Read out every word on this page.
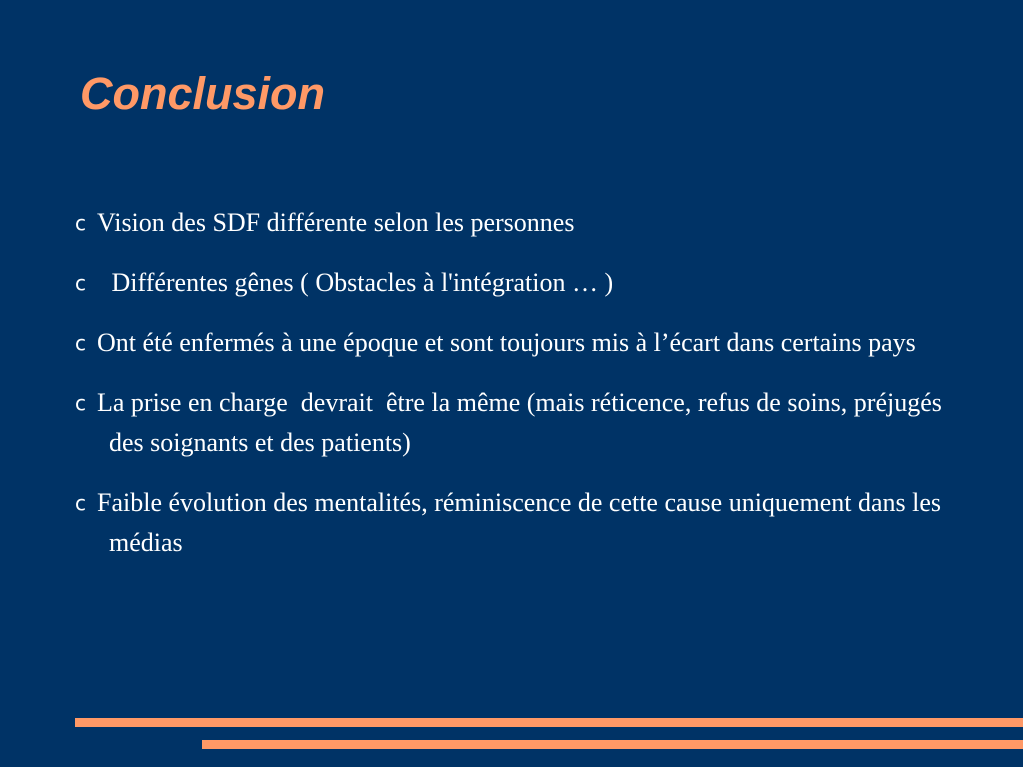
Conclusion
ϲ Vision des SDF différente selon les personnes
ϲ Différentes gênes ( Obstacles à l'intégration … )
ϲ Ont été enfermés à une époque et sont toujours mis à l’écart dans certains pays
ϲ La prise en charge  devrait  être la même (mais réticence, refus de soins, préjugés des soignants et des patients)
ϲ Faible évolution des mentalités, réminiscence de cette cause uniquement dans les médias
